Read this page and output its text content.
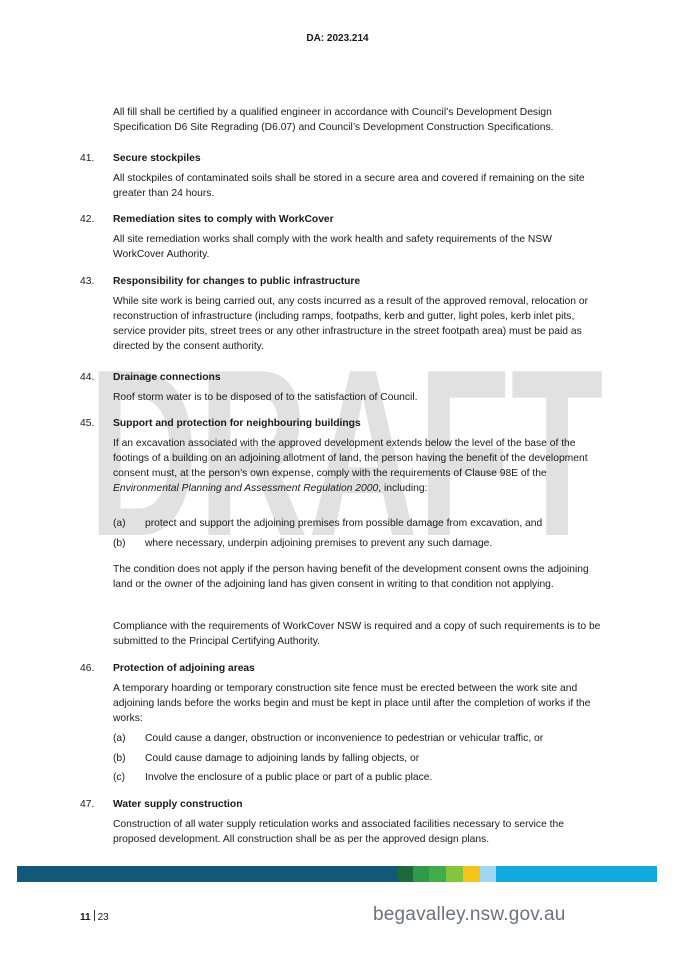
DA: 2023.214
DRAFT
All fill shall be certified by a qualified engineer in accordance with Council’s Development Design Specification D6 Site Regrading (D6.07) and Council’s Development Construction Specifications.
41. Secure stockpiles
All stockpiles of contaminated soils shall be stored in a secure area and covered if remaining on the site greater than 24 hours.
42. Remediation sites to comply with WorkCover
All site remediation works shall comply with the work health and safety requirements of the NSW WorkCover Authority.
43. Responsibility for changes to public infrastructure
While site work is being carried out, any costs incurred as a result of the approved removal, relocation or reconstruction of infrastructure (including ramps, footpaths, kerb and gutter, light poles, kerb inlet pits, service provider pits, street trees or any other infrastructure in the street footpath area) must be paid as directed by the consent authority.
44. Drainage connections
Roof storm water is to be disposed of to the satisfaction of Council.
45. Support and protection for neighbouring buildings
If an excavation associated with the approved development extends below the level of the base of the footings of a building on an adjoining allotment of land, the person having the benefit of the development consent must, at the person’s own expense, comply with the requirements of Clause 98E of the Environmental Planning and Assessment Regulation 2000, including:
(a) protect and support the adjoining premises from possible damage from excavation, and
(b) where necessary, underpin adjoining premises to prevent any such damage.
The condition does not apply if the person having benefit of the development consent owns the adjoining land or the owner of the adjoining land has given consent in writing to that condition not applying.
Compliance with the requirements of WorkCover NSW is required and a copy of such requirements is to be submitted to the Principal Certifying Authority.
46. Protection of adjoining areas
A temporary hoarding or temporary construction site fence must be erected between the work site and adjoining lands before the works begin and must be kept in place until after the completion of works if the works:
(a) Could cause a danger, obstruction or inconvenience to pedestrian or vehicular traffic, or
(b) Could cause damage to adjoining lands by falling objects, or
(c) Involve the enclosure of a public place or part of a public place.
47. Water supply construction
Construction of all water supply reticulation works and associated facilities necessary to service the proposed development. All construction shall be as per the approved design plans.
11 23	begavalley.nsw.gov.au
